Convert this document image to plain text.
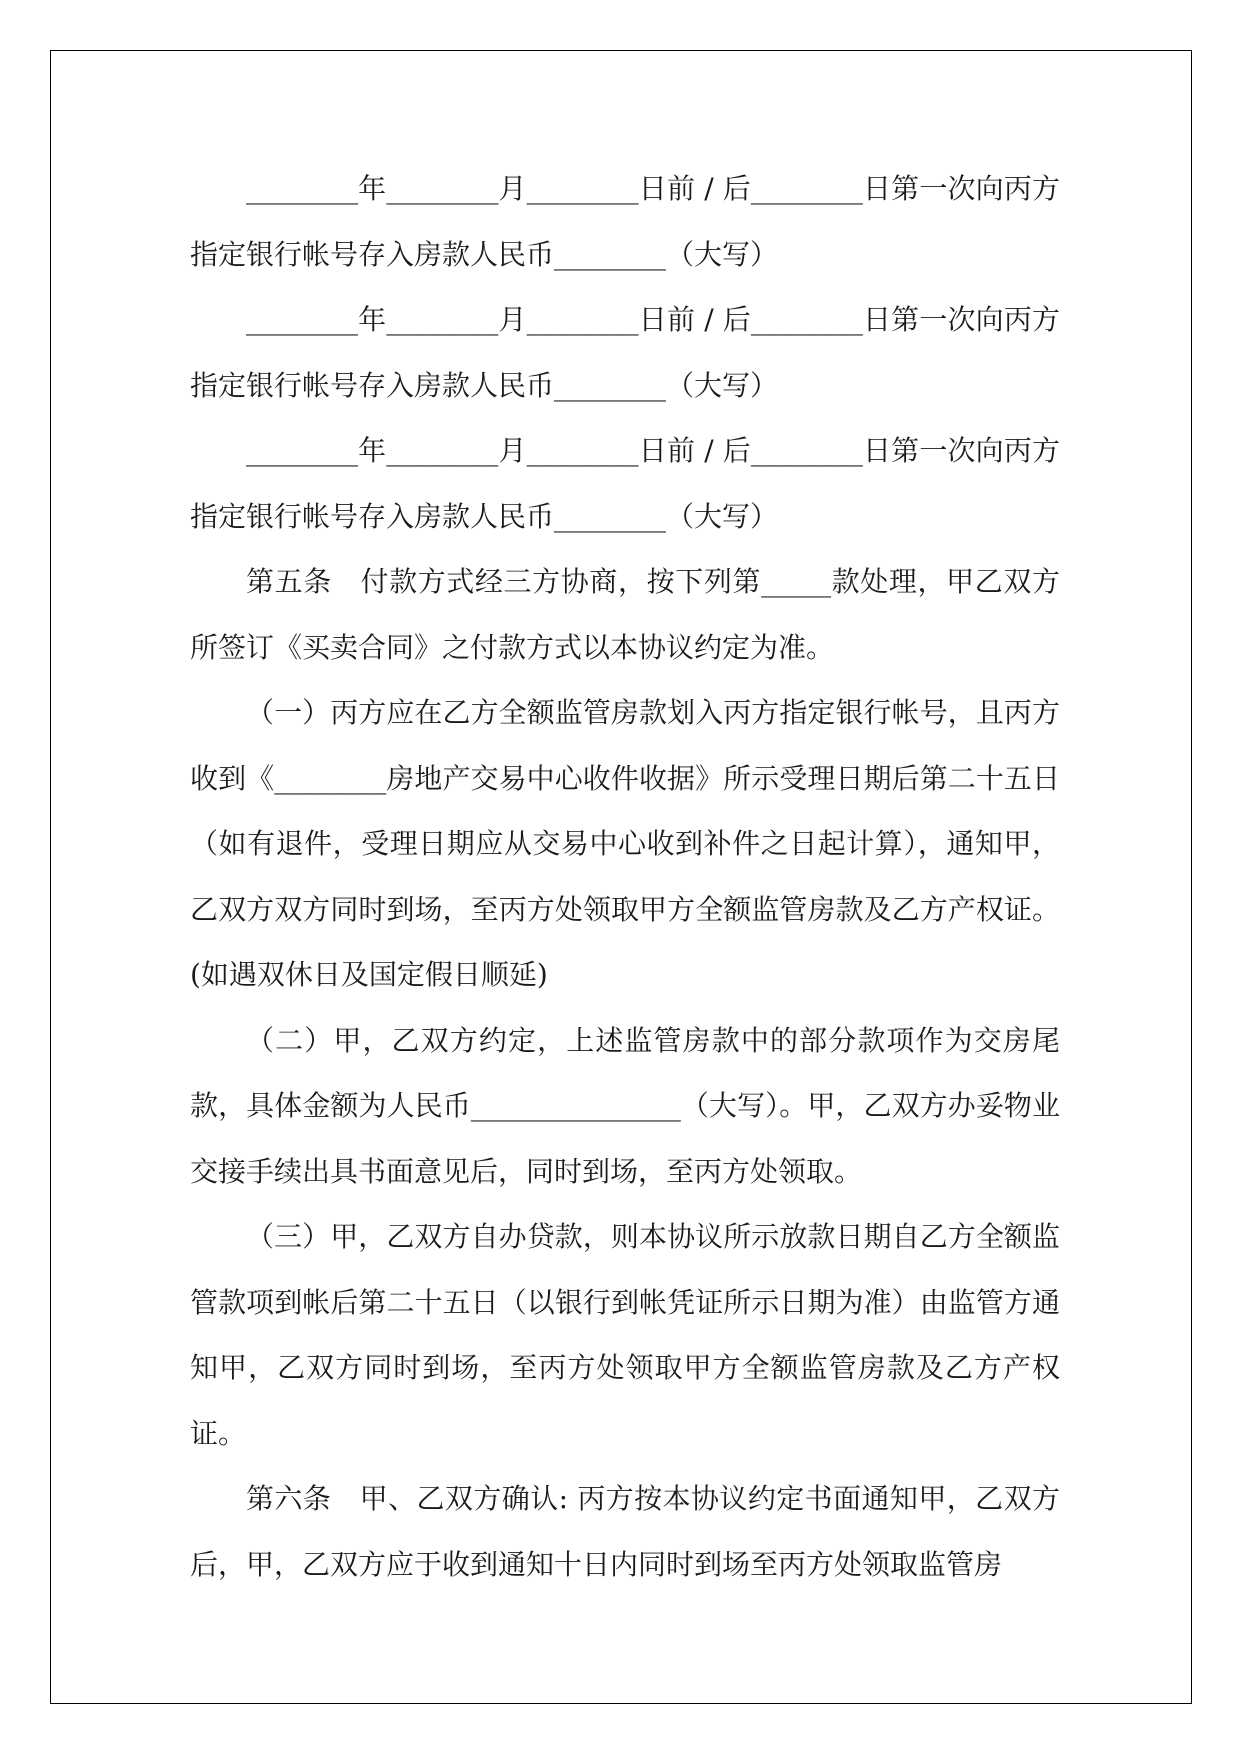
________年________月________日前 / 后________日第一次向丙方指定银行帐号存入房款人民币________（大写）

________年________月________日前 / 后________日第一次向丙方指定银行帐号存入房款人民币________（大写）

________年________月________日前 / 后________日第一次向丙方指定银行帐号存入房款人民币________（大写）

第五条　付款方式经三方协商，按下列第_____款处理，甲乙双方所签订《买卖合同》之付款方式以本协议约定为准。

（一）丙方应在乙方全额监管房款划入丙方指定银行帐号，且丙方收到《________房地产交易中心收件收据》所示受理日期后第二十五日（如有退件，受理日期应从交易中心收到补件之日起计算），通知甲，乙双方双方同时到场，至丙方处领取甲方全额监管房款及乙方产权证。(如遇双休日及国定假日顺延)

（二）甲，乙双方约定，上述监管房款中的部分款项作为交房尾款，具体金额为人民币_______________（大写）。甲，乙双方办妥物业交接手续出具书面意见后，同时到场，至丙方处领取。

（三）甲，乙双方自办贷款，则本协议所示放款日期自乙方全额监管款项到帐后第二十五日（以银行到帐凭证所示日期为准）由监管方通知甲，乙双方同时到场，至丙方处领取甲方全额监管房款及乙方产权证。

第六条　甲、乙双方确认: 丙方按本协议约定书面通知甲，乙双方后，甲，乙双方应于收到通知十日内同时到场至丙方处领取监管房
